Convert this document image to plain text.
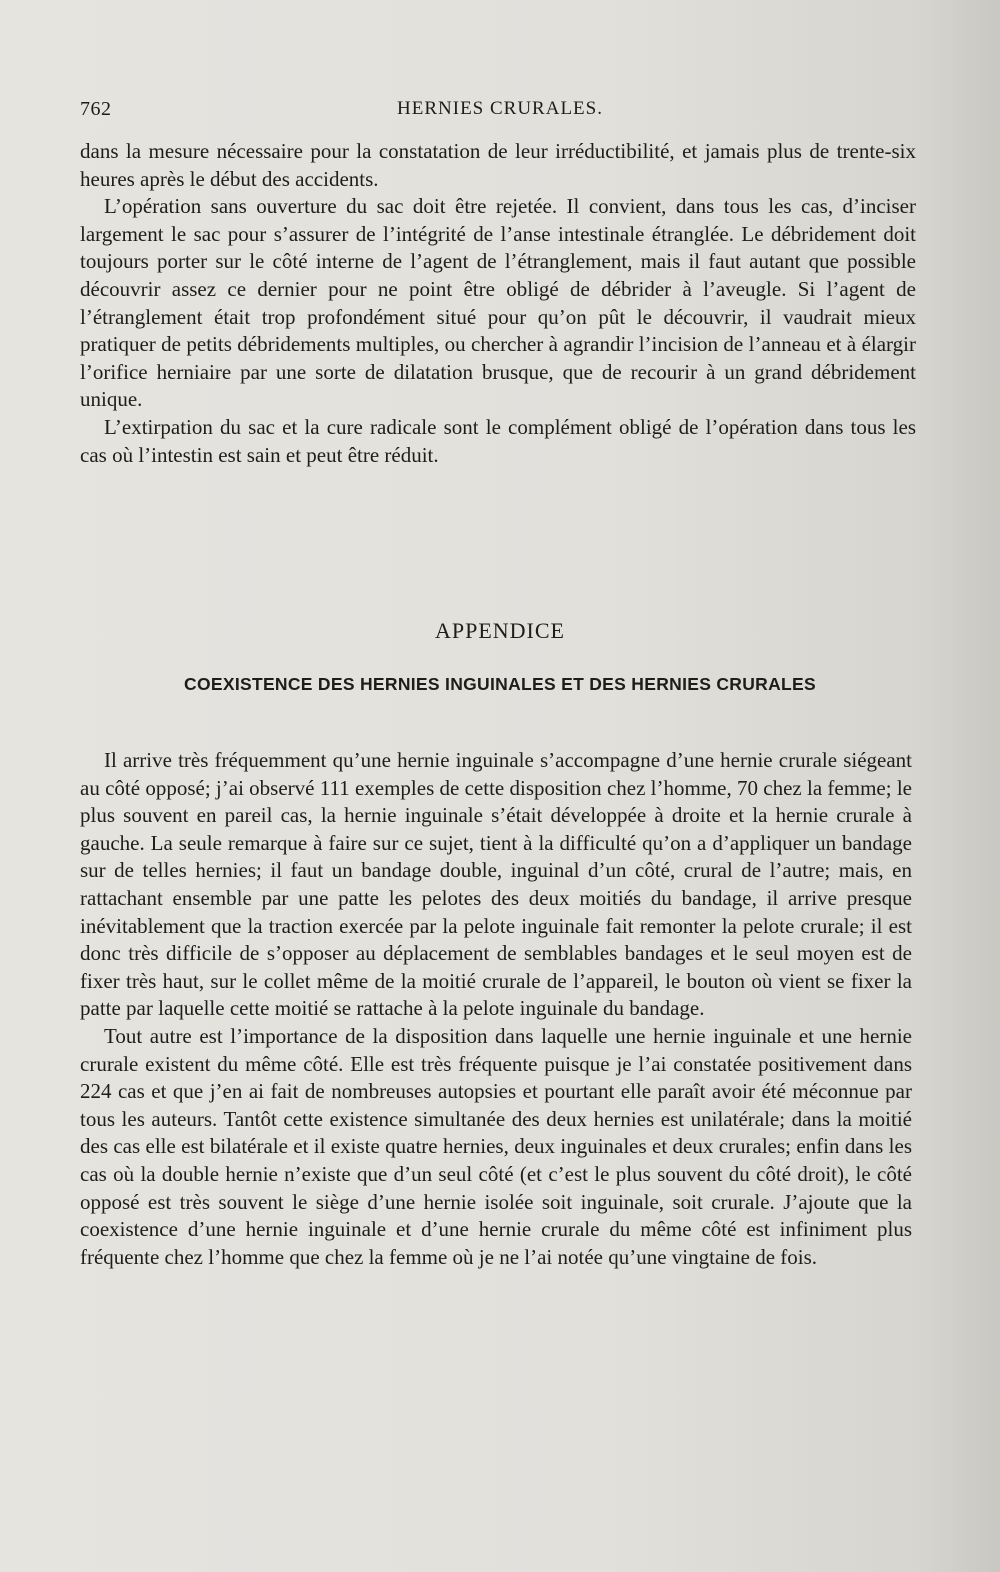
762	HERNIES CRURALES.

dans la mesure nécessaire pour la constatation de leur irréductibilité, et jamais plus de trente-six heures après le début des accidents.

L’opération sans ouverture du sac doit être rejetée. Il convient, dans tous les cas, d’inciser largement le sac pour s’assurer de l’intégrité de l’anse intestinale étranglée. Le débridement doit toujours porter sur le côté interne de l’agent de l’étranglement, mais il faut autant que possible découvrir assez ce dernier pour ne point être obligé de débrider à l’aveugle. Si l’agent de l’étranglement était trop profondément situé pour qu’on pût le découvrir, il vaudrait mieux pratiquer de petits débridements multiples, ou chercher à agrandir l’incision de l’anneau et à élargir l’orifice herniaire par une sorte de dilatation brusque, que de recourir à un grand débridement unique.

L’extirpation du sac et la cure radicale sont le complément obligé de l’opération dans tous les cas où l’intestin est sain et peut être réduit.

APPENDICE
COEXISTENCE DES HERNIES INGUINALES ET DES HERNIES CRURALES

Il arrive très fréquemment qu’une hernie inguinale s’accompagne d’une hernie crurale siégeant au côté opposé; j’ai observé 111 exemples de cette disposition chez l’homme, 70 chez la femme; le plus souvent en pareil cas, la hernie inguinale s’était développée à droite et la hernie crurale à gauche. La seule remarque à faire sur ce sujet, tient à la difficulté qu’on a d’appliquer un bandage sur de telles hernies; il faut un bandage double, inguinal d’un côté, crural de l’autre; mais, en rattachant ensemble par une patte les pelotes des deux moitiés du bandage, il arrive presque inévitablement que la traction exercée par la pelote inguinale fait remonter la pelote crurale; il est donc très difficile de s’opposer au déplacement de semblables bandages et le seul moyen est de fixer très haut, sur le collet même de la moitié crurale de l’appareil, le bouton où vient se fixer la patte par laquelle cette moitié se rattache à la pelote inguinale du bandage.

Tout autre est l’importance de la disposition dans laquelle une hernie inguinale et une hernie crurale existent du même côté. Elle est très fréquente puisque je l’ai constatée positivement dans 224 cas et que j’en ai fait de nombreuses autopsies et pourtant elle paraît avoir été méconnue par tous les auteurs. Tantôt cette existence simultanée des deux hernies est unilatérale; dans la moitié des cas elle est bilatérale et il existe quatre hernies, deux inguinales et deux crurales; enfin dans les cas où la double hernie n’existe que d’un seul côté (et c’est le plus souvent du côté droit), le côté opposé est très souvent le siège d’une hernie isolée soit inguinale, soit crurale. J’ajoute que la coexistence d’une hernie inguinale et d’une hernie crurale du même côté est infiniment plus fréquente chez l’homme que chez la femme où je ne l’ai notée qu’une vingtaine de fois.
